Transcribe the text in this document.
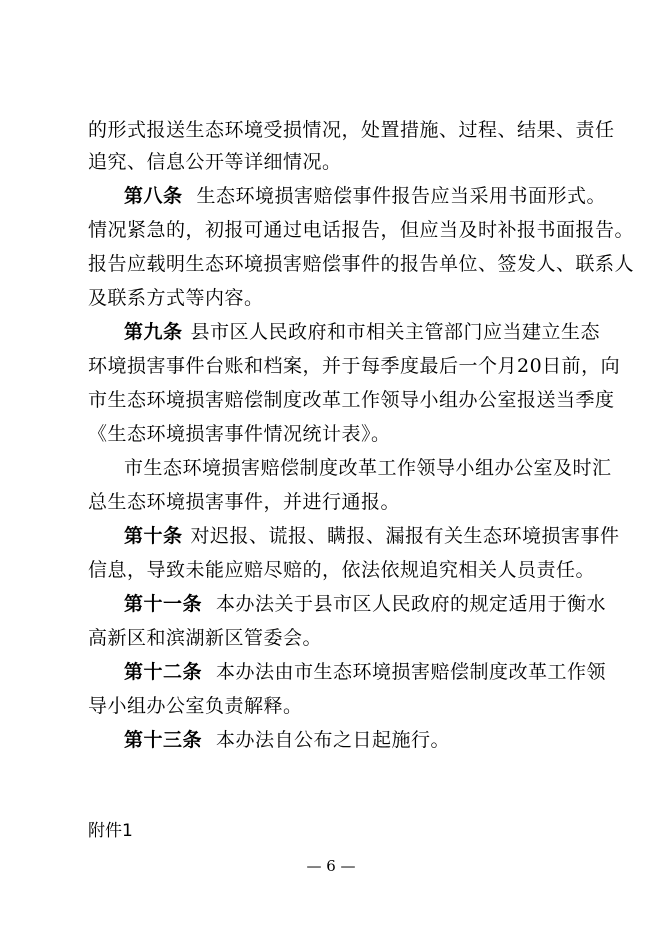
的形式报送生态环境受损情况，处置措施、过程、结果、责任
追究、信息公开等详细情况。
第八条 生态环境损害赔偿事件报告应当采用书面形式。
情况紧急的，初报可通过电话报告，但应当及时补报书面报告。
报告应载明生态环境损害赔偿事件的报告单位、签发人、联系人
及联系方式等内容。
第九条 县市区人民政府和市相关主管部门应当建立生态
环境损害事件台账和档案，并于每季度最后一个月20日前，向
市生态环境损害赔偿制度改革工作领导小组办公室报送当季度
《生态环境损害事件情况统计表》。
市生态环境损害赔偿制度改革工作领导小组办公室及时汇
总生态环境损害事件，并进行通报。
第十条 对迟报、谎报、瞒报、漏报有关生态环境损害事件
信息，导致未能应赔尽赔的，依法依规追究相关人员责任。
第十一条 本办法关于县市区人民政府的规定适用于衡水
高新区和滨湖新区管委会。
第十二条 本办法由市生态环境损害赔偿制度改革工作领
导小组办公室负责解释。
第十三条 本办法自公布之日起施行。
附件1
— 6 —
